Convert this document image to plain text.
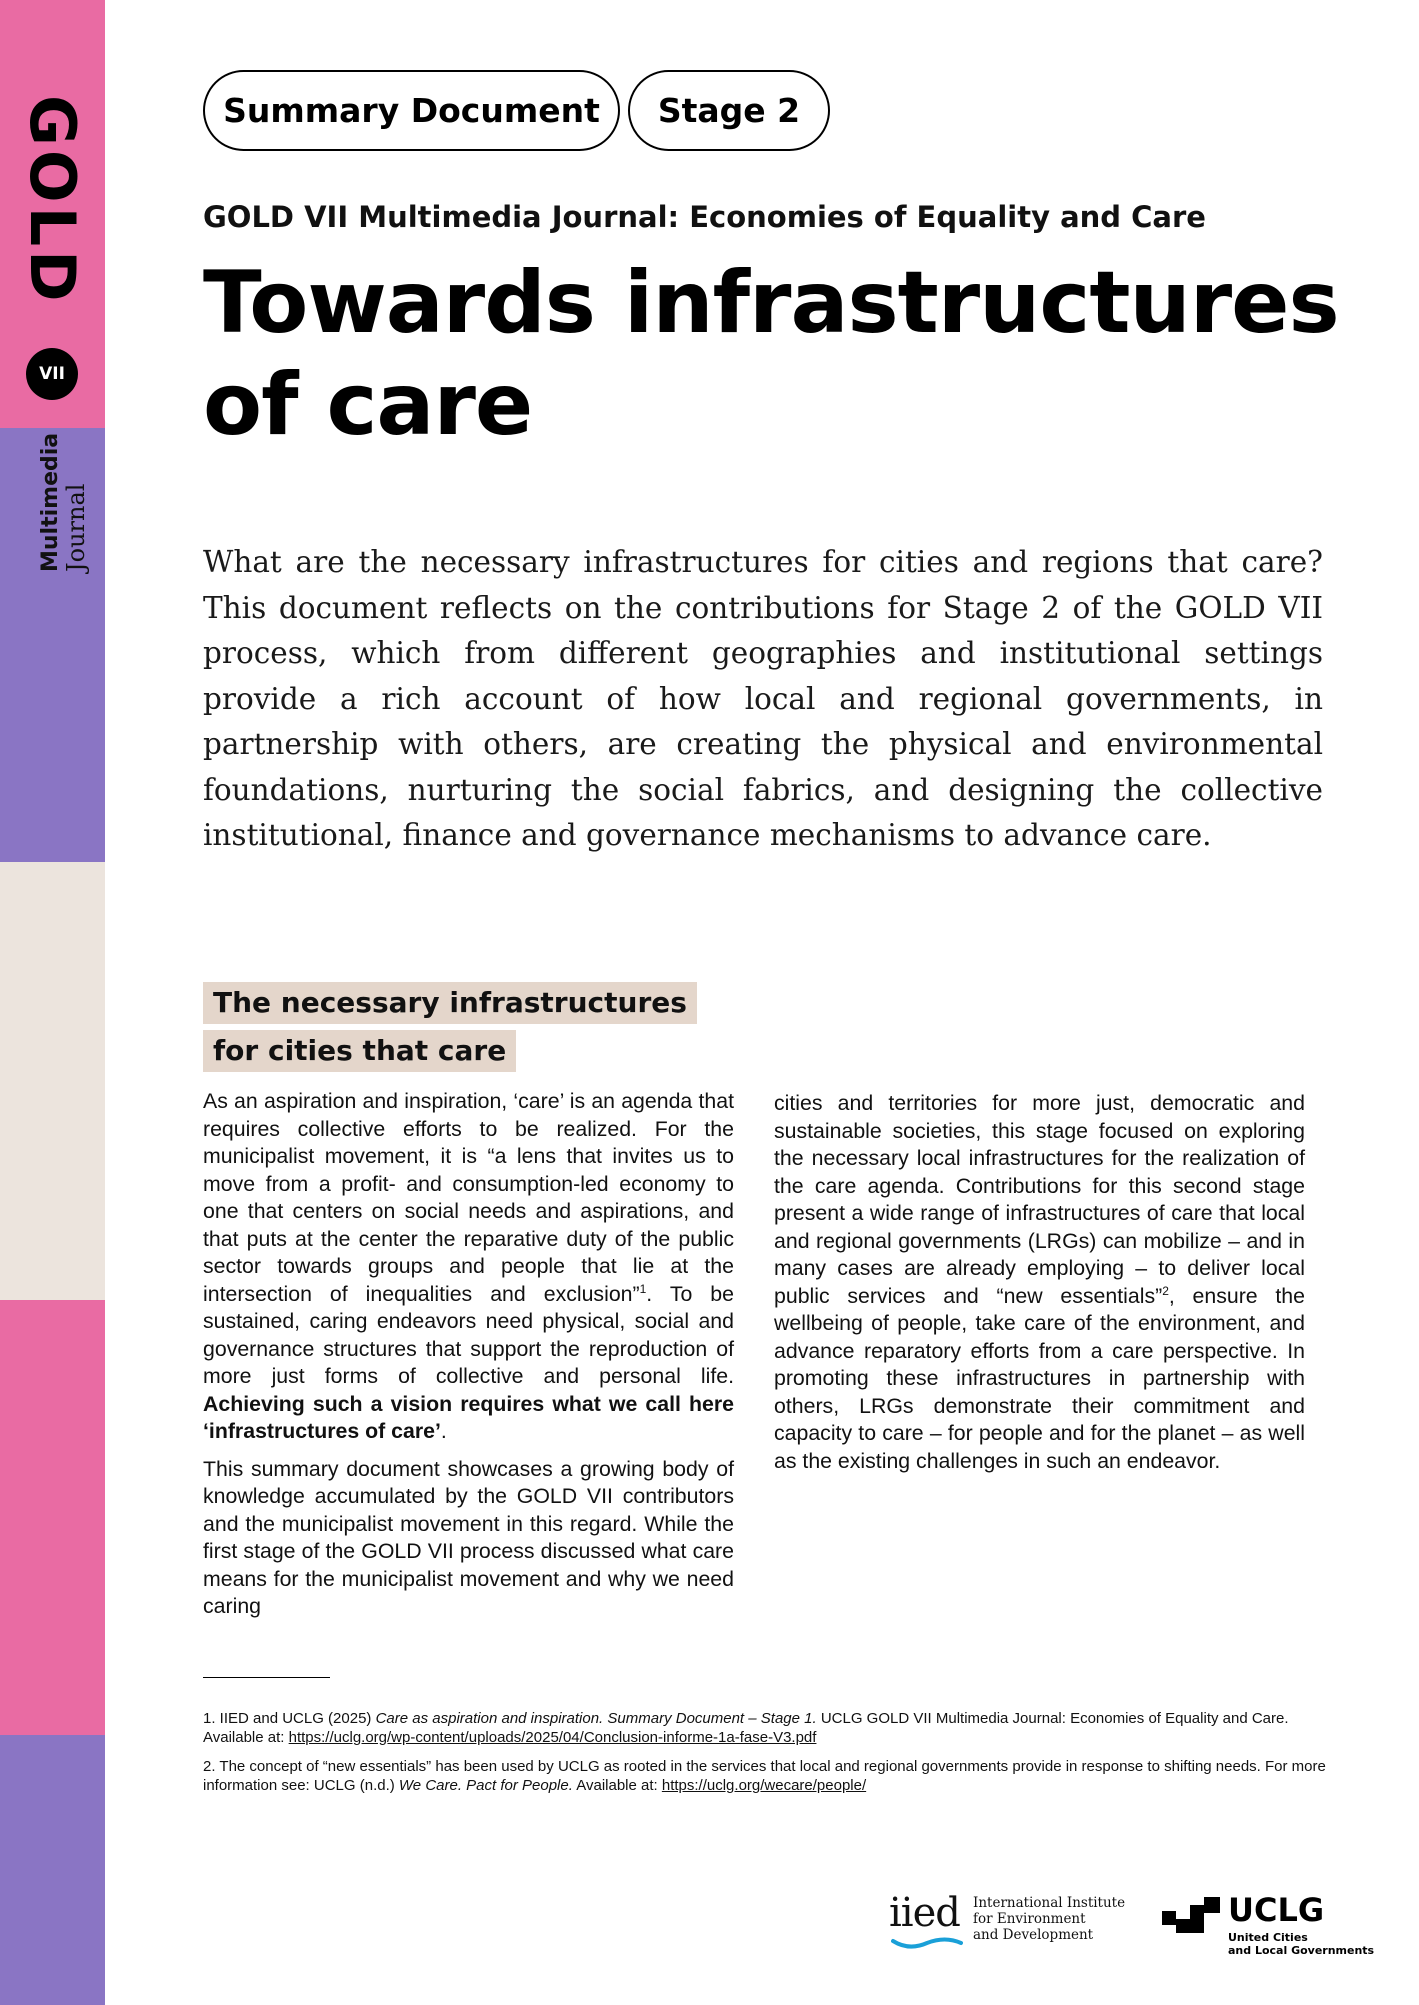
GOLD
VII
Multimedia Journal
Summary Document	Stage 2
GOLD VII Multimedia Journal: Economies of Equality and Care
Towards infrastructures
of care

What are the necessary infrastructures for cities and regions that care? This document reflects on the contributions for Stage 2 of the GOLD VII process, which from different geographies and institutional settings provide a rich account of how local and regional governments, in partnership with others, are creating the physical and environmental foundations, nurturing the social fabrics, and designing the collective institutional, finance and governance mechanisms to advance care.

The necessary infrastructures
for cities that care

As an aspiration and inspiration, ‘care’ is an agenda that requires collective efforts to be realized. For the municipalist movement, it is “a lens that invites us to move from a profit- and consumption-led economy to one that centers on social needs and aspirations, and that puts at the center the reparative duty of the public sector towards groups and people that lie at the intersection of inequalities and exclusion”$^1$. To be sustained, caring endeavors need physical, social and governance structures that support the reproduction of more just forms of collective and personal life. Achieving such a vision requires what we call here ‘infrastructures of care’.

This summary document showcases a growing body of knowledge accumulated by the GOLD VII contributors and the municipalist movement in this regard. While the first stage of the GOLD VII process discussed what care means for the municipalist movement and why we need caring

cities and territories for more just, democratic and sustainable societies, this stage focused on exploring the necessary local infrastructures for the realization of the care agenda. Contributions for this second stage present a wide range of infrastructures of care that local and regional governments (LRGs) can mobilize – and in many cases are already employing – to deliver local public services and “new essentials”$^2$, ensure the wellbeing of people, take care of the environment, and advance reparatory efforts from a care perspective. In promoting these infrastructures in partnership with others, LRGs demonstrate their commitment and capacity to care – for people and for the planet – as well as the existing challenges in such an endeavor.

1. IIED and UCLG (2025) Care as aspiration and inspiration. Summary Document – Stage 1. UCLG GOLD VII Multimedia Journal: Economies of Equality and Care. Available at: https://uclg.org/wp-content/uploads/2025/04/Conclusion-informe-1a-fase-V3.pdf

2. The concept of “new essentials” has been used by UCLG as rooted in the services that local and regional governments provide in response to shifting needs. For more information see: UCLG (n.d.) We Care. Pact for People. Available at: https://uclg.org/wecare/people/

iied International Institute
for Environment
and Development
UCLG
United Cities
and Local Governments
